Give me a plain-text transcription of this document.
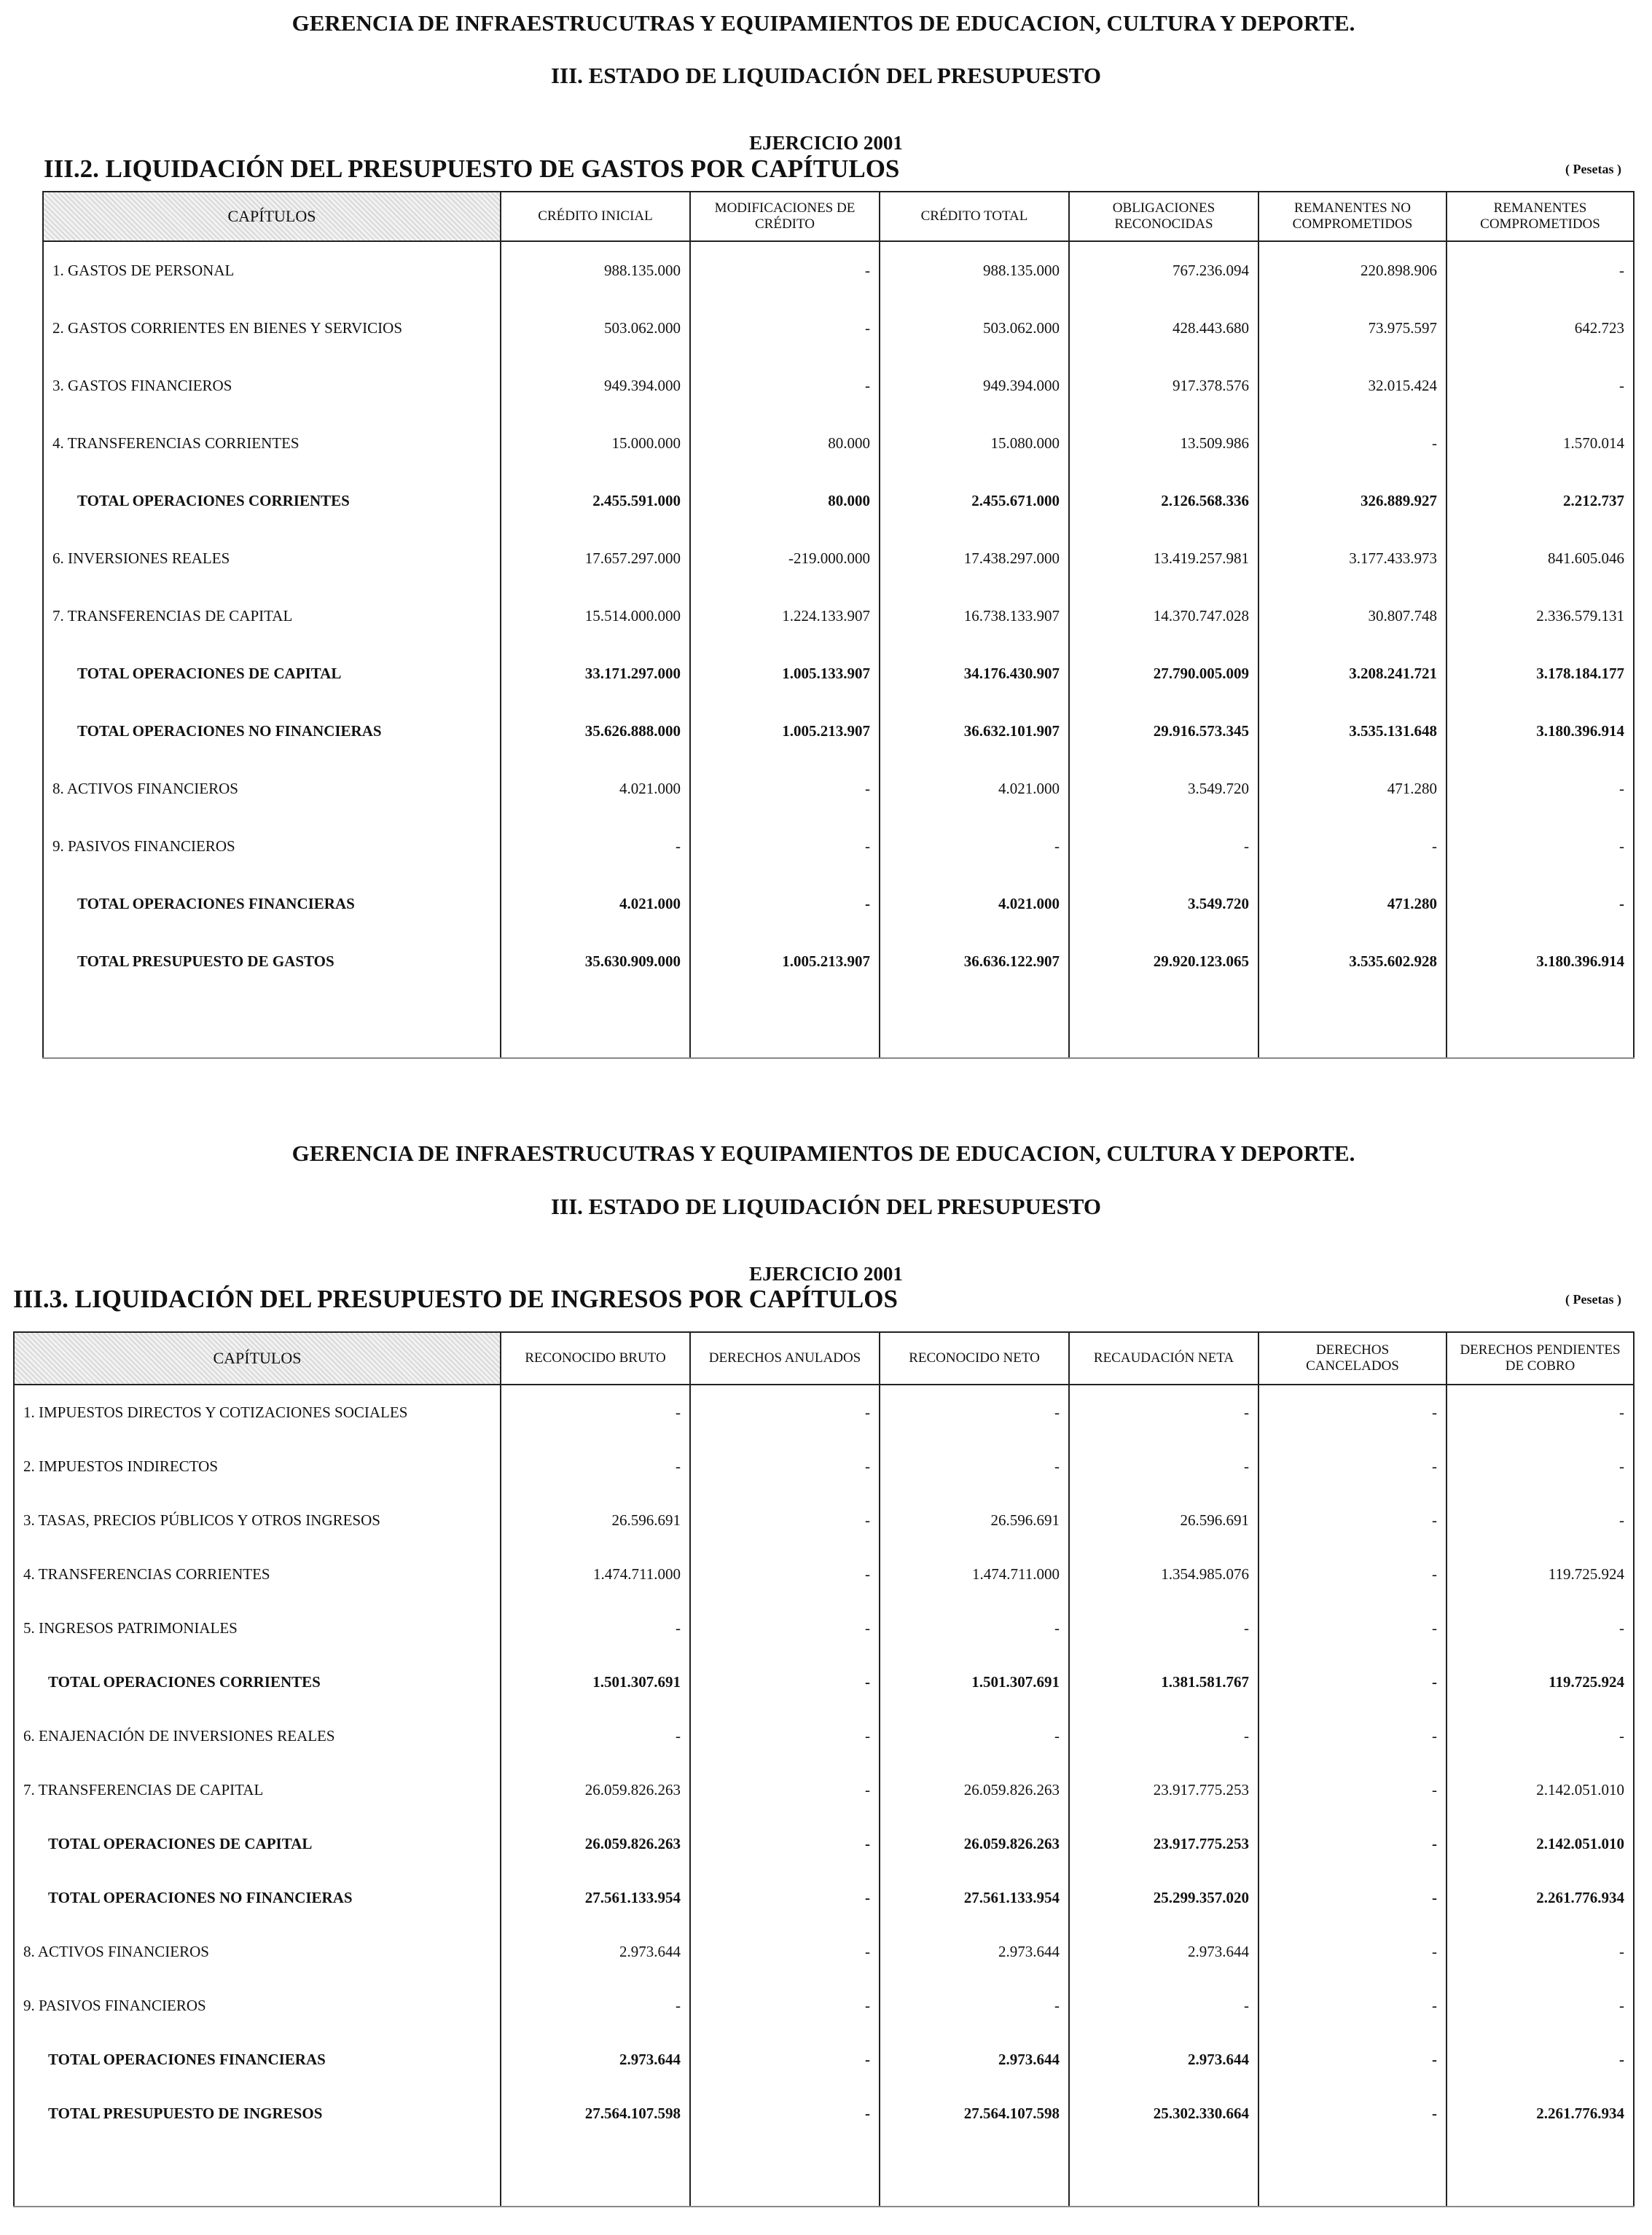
GERENCIA DE INFRAESTRUCUTRAS Y EQUIPAMIENTOS DE EDUCACION, CULTURA Y DEPORTE.
III. ESTADO DE LIQUIDACIÓN DEL PRESUPUESTO
EJERCICIO 2001
III.2. LIQUIDACIÓN DEL PRESUPUESTO DE GASTOS POR CAPÍTULOS	( Pesetas )
CAPÍTULOS	CRÉDITO INICIAL	MODIFICACIONES DE CRÉDITO	CRÉDITO TOTAL	OBLIGACIONES RECONOCIDAS	REMANENTES NO COMPROMETIDOS	REMANENTES COMPROMETIDOS
1. GASTOS DE PERSONAL	988.135.000	-	988.135.000	767.236.094	220.898.906	-
2. GASTOS CORRIENTES EN BIENES Y SERVICIOS	503.062.000	-	503.062.000	428.443.680	73.975.597	642.723
3. GASTOS FINANCIEROS	949.394.000	-	949.394.000	917.378.576	32.015.424	-
4. TRANSFERENCIAS CORRIENTES	15.000.000	80.000	15.080.000	13.509.986	-	1.570.014
TOTAL OPERACIONES CORRIENTES	2.455.591.000	80.000	2.455.671.000	2.126.568.336	326.889.927	2.212.737
6. INVERSIONES REALES	17.657.297.000	-219.000.000	17.438.297.000	13.419.257.981	3.177.433.973	841.605.046
7. TRANSFERENCIAS DE CAPITAL	15.514.000.000	1.224.133.907	16.738.133.907	14.370.747.028	30.807.748	2.336.579.131
TOTAL OPERACIONES DE CAPITAL	33.171.297.000	1.005.133.907	34.176.430.907	27.790.005.009	3.208.241.721	3.178.184.177
TOTAL OPERACIONES NO FINANCIERAS	35.626.888.000	1.005.213.907	36.632.101.907	29.916.573.345	3.535.131.648	3.180.396.914
8. ACTIVOS FINANCIEROS	4.021.000	-	4.021.000	3.549.720	471.280	-
9. PASIVOS FINANCIEROS	-	-	-	-	-	-
TOTAL OPERACIONES FINANCIERAS	4.021.000	-	4.021.000	3.549.720	471.280	-
TOTAL PRESUPUESTO DE GASTOS	35.630.909.000	1.005.213.907	36.636.122.907	29.920.123.065	3.535.602.928	3.180.396.914

GERENCIA DE INFRAESTRUCUTRAS Y EQUIPAMIENTOS DE EDUCACION, CULTURA Y DEPORTE.
III. ESTADO DE LIQUIDACIÓN DEL PRESUPUESTO
EJERCICIO 2001
III.3. LIQUIDACIÓN DEL PRESUPUESTO DE INGRESOS POR CAPÍTULOS	( Pesetas )
CAPÍTULOS	RECONOCIDO BRUTO	DERECHOS ANULADOS	RECONOCIDO NETO	RECAUDACIÓN NETA	DERECHOS CANCELADOS	DERECHOS PENDIENTES DE COBRO
1. IMPUESTOS DIRECTOS Y COTIZACIONES SOCIALES	-	-	-	-	-	-
2. IMPUESTOS INDIRECTOS	-	-	-	-	-	-
3. TASAS, PRECIOS PÚBLICOS Y OTROS INGRESOS	26.596.691	-	26.596.691	26.596.691	-	-
4. TRANSFERENCIAS CORRIENTES	1.474.711.000	-	1.474.711.000	1.354.985.076	-	119.725.924
5. INGRESOS PATRIMONIALES	-	-	-	-	-	-
TOTAL OPERACIONES CORRIENTES	1.501.307.691	-	1.501.307.691	1.381.581.767	-	119.725.924
6. ENAJENACIÓN DE INVERSIONES REALES	-	-	-	-	-	-
7. TRANSFERENCIAS DE CAPITAL	26.059.826.263	-	26.059.826.263	23.917.775.253	-	2.142.051.010
TOTAL OPERACIONES DE CAPITAL	26.059.826.263	-	26.059.826.263	23.917.775.253	-	2.142.051.010
TOTAL OPERACIONES NO FINANCIERAS	27.561.133.954	-	27.561.133.954	25.299.357.020	-	2.261.776.934
8. ACTIVOS FINANCIEROS	2.973.644	-	2.973.644	2.973.644	-	-
9. PASIVOS FINANCIEROS	-	-	-	-	-	-
TOTAL OPERACIONES FINANCIERAS	2.973.644	-	2.973.644	2.973.644	-	-
TOTAL PRESUPUESTO DE INGRESOS	27.564.107.598	-	27.564.107.598	25.302.330.664	-	2.261.776.934
